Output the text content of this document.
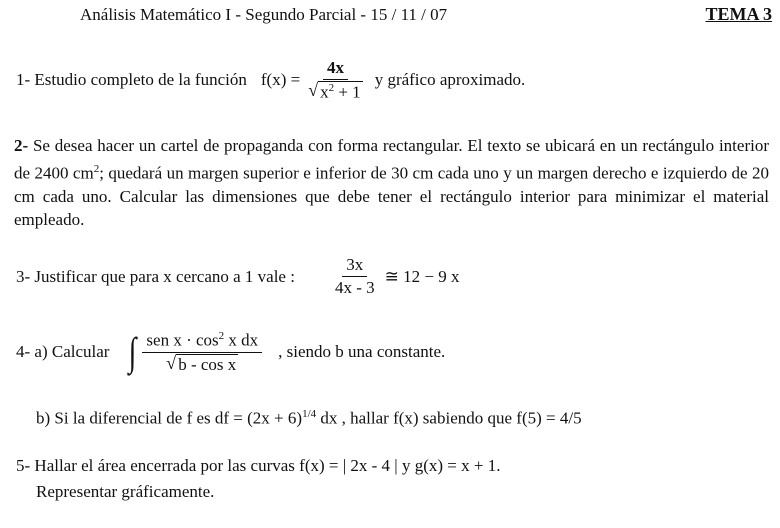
Análisis Matemático I - Segundo Parcial - 15 / 11 / 07	TEMA 3
1- Estudio completo de la función $f(x) = \frac{4x}{√ x^2 + 1}$ y gráfico aproximado.
2- Se desea hacer un cartel de propaganda con forma rectangular. El texto se ubicará en un rectángulo interior de 2400 $cm^2$; quedará un margen superior e inferior de 30 cm cada uno y un margen derecho e izquierdo de 20 cm cada uno. Calcular las dimensiones que debe tener el rectángulo interior para minimizar el material empleado.
3- Justificar que para x cercano a 1 vale : $\frac{3x}{4x - 3}$ ≅ 12 − 9 x
4- a) Calcular ∫ $\frac{sen x \cdot \cos^2 x dx}{\text{√ b - cos x}}$ , siendo b una constante.
b) Si la diferencial de f es df = $(2x + 6)^{1/4}$ dx , hallar f(x) sabiendo que f(5) = 4/5
5- Hallar el área encerrada por las curvas f(x) = | 2x - 4 | y g(x) = x + 1.
Representar gráficamente.
